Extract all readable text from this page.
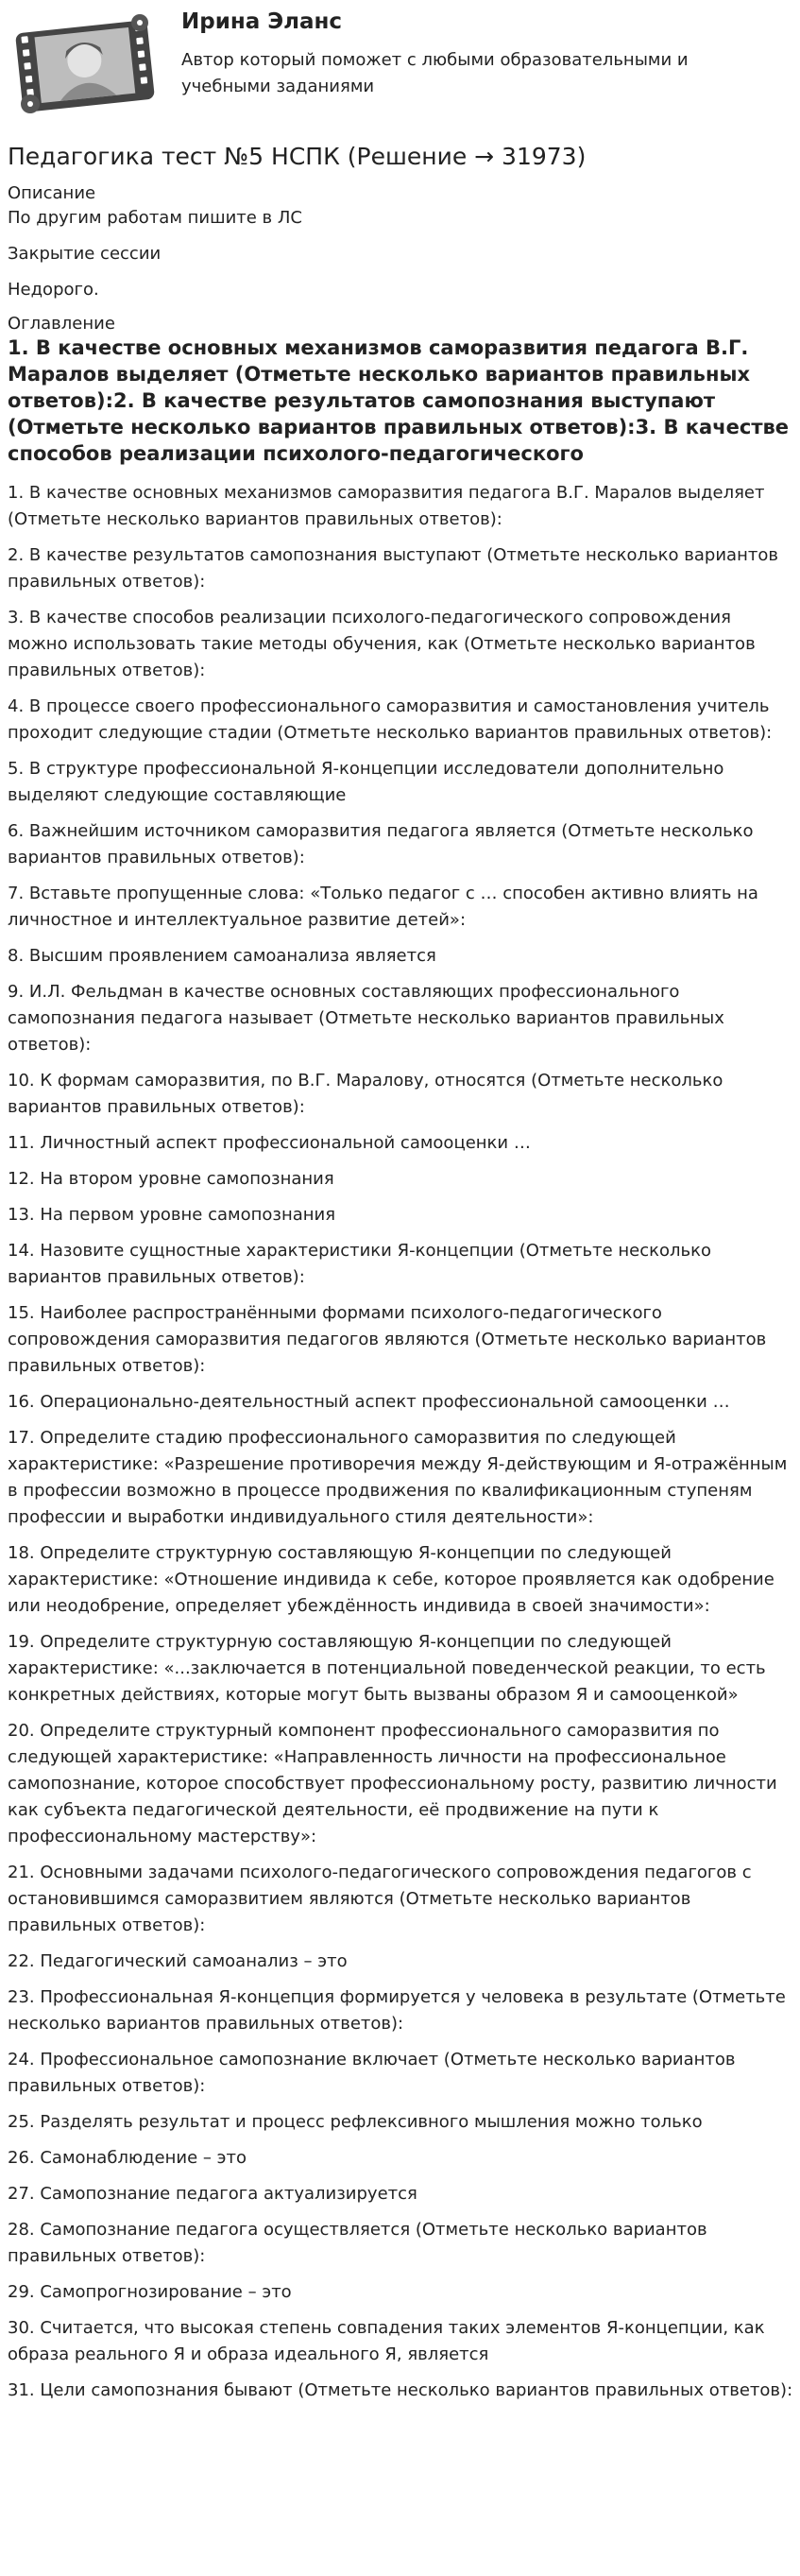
Ирина Эланс
Автор который поможет с любыми образовательными и учебными заданиями
Педагогика тест №5 НСПК (Решение → 31973)
Описание

По другим работам пишите в ЛС

Закрытие сессии

Недорого.

Оглавление
1. В качестве основных механизмов саморазвития педагога В.Г. Маралов выделяет (Отметьте несколько вариантов правильных ответов):2. В качестве результатов самопознания выступают (Отметьте несколько вариантов правильных ответов):3. В качестве способов реализации психолого-педагогического

1. В качестве основных механизмов саморазвития педагога В.Г. Маралов выделяет (Отметьте несколько вариантов правильных ответов):

2. В качестве результатов самопознания выступают (Отметьте несколько вариантов правильных ответов):

3. В качестве способов реализации психолого-педагогического сопровождения можно использовать такие методы обучения, как (Отметьте несколько вариантов правильных ответов):

4. В процессе своего профессионального саморазвития и самостановления учитель проходит следующие стадии (Отметьте несколько вариантов правильных ответов):

5. В структуре профессиональной Я-концепции исследователи дополнительно выделяют следующие составляющие

6. Важнейшим источником саморазвития педагога является (Отметьте несколько вариантов правильных ответов):

7. Вставьте пропущенные слова: «Только педагог с … способен активно влиять на личностное и интеллектуальное развитие детей»:

8. Высшим проявлением самоанализа является

9. И.Л. Фельдман в качестве основных составляющих профессионального самопознания педагога называет (Отметьте несколько вариантов правильных ответов):

10. К формам саморазвития, по В.Г. Маралову, относятся (Отметьте несколько вариантов правильных ответов):

11. Личностный аспект профессиональной самооценки …

12. На втором уровне самопознания

13. На первом уровне самопознания

14. Назовите сущностные характеристики Я-концепции (Отметьте несколько вариантов правильных ответов):

15. Наиболее распространёнными формами психолого-педагогического сопровождения саморазвития педагогов являются (Отметьте несколько вариантов правильных ответов):

16. Операционально-деятельностный аспект профессиональной самооценки …

17. Определите стадию профессионального саморазвития по следующей характеристике: «Разрешение противоречия между Я-действующим и Я-отражённым в профессии возможно в процессе продвижения по квалификационным ступеням профессии и выработки индивидуального стиля деятельности»:

18. Определите структурную составляющую Я-концепции по следующей характеристике: «Отношение индивида к себе, которое проявляется как одобрение или неодобрение, определяет убеждённость индивида в своей значимости»:

19. Определите структурную составляющую Я-концепции по следующей характеристике: «...заключается в потенциальной поведенческой реакции, то есть конкретных действиях, которые могут быть вызваны образом Я и самооценкой»

20. Определите структурный компонент профессионального саморазвития по следующей характеристике: «Направленность личности на профессиональное самопознание, которое способствует профессиональному росту, развитию личности как субъекта педагогической деятельности, её продвижение на пути к профессиональному мастерству»:

21. Основными задачами психолого-педагогического сопровождения педагогов с остановившимся саморазвитием являются (Отметьте несколько вариантов правильных ответов):

22. Педагогический самоанализ – это

23. Профессиональная Я-концепция формируется у человека в результате (Отметьте несколько вариантов правильных ответов):

24. Профессиональное самопознание включает (Отметьте несколько вариантов правильных ответов):

25. Разделять результат и процесс рефлексивного мышления можно только

26. Самонаблюдение – это

27. Самопознание педагога актуализируется

28. Самопознание педагога осуществляется (Отметьте несколько вариантов правильных ответов):

29. Самопрогнозирование – это

30. Считается, что высокая степень совпадения таких элементов Я-концепции, как образа реального Я и образа идеального Я, является

31. Цели самопознания бывают (Отметьте несколько вариантов правильных ответов):
